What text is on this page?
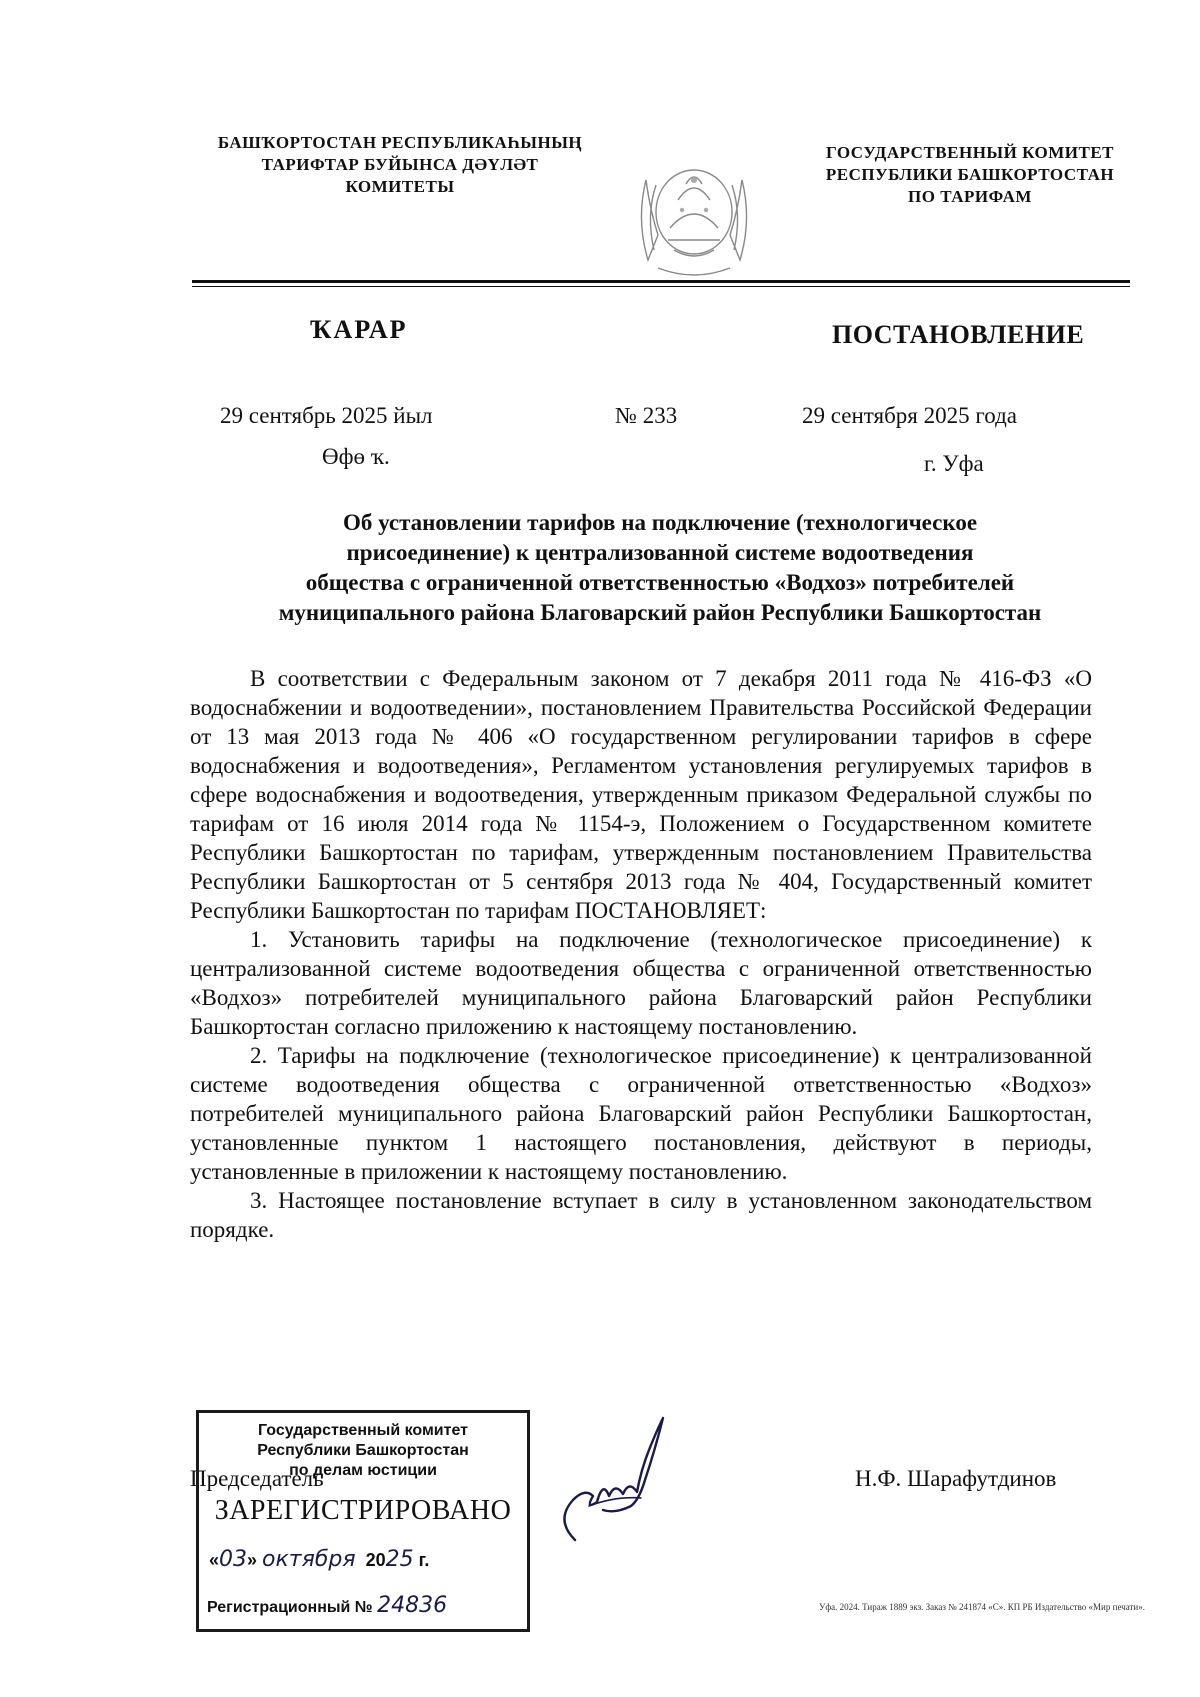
БАШҠОРТОСТАН РЕСПУБЛИКАҺЫНЫҢ
ТАРИФТАР БУЙЫНСА ДӘҮЛӘТ
КОМИТЕТЫ
ГОСУДАРСТВЕННЫЙ КОМИТЕТ
РЕСПУБЛИКИ БАШКОРТОСТАН
ПО ТАРИФАМ
ҠАРАР	ПОСТАНОВЛЕНИЕ
29 сентябрь 2025 йыл	№ 233	29 сентября 2025 года
Өфө ҡ.	г. Уфа
Об установлении тарифов на подключение (технологическое
присоединение) к централизованной системе водоотведения
общества с ограниченной ответственностью «Водхоз» потребителей
муниципального района Благоварский район Республики Башкортостан

В соответствии с Федеральным законом от 7 декабря 2011 года № 416-ФЗ «О водоснабжении и водоотведении», постановлением Правительства Российской Федерации от 13 мая 2013 года № 406 «О государственном регулировании тарифов в сфере водоснабжения и водоотведения», Регламентом установления регулируемых тарифов в сфере водоснабжения и водоотведения, утвержденным приказом Федеральной службы по тарифам от 16 июля 2014 года № 1154-э, Положением о Государственном комитете Республики Башкортостан по тарифам, утвержденным постановлением Правительства Республики Башкортостан от 5 сентября 2013 года № 404, Государственный комитет Республики Башкортостан по тарифам ПОСТАНОВЛЯЕТ:

1. Установить тарифы на подключение (технологическое присоединение) к централизованной системе водоотведения общества с ограниченной ответственностью «Водхоз» потребителей муниципального района Благоварский район Республики Башкортостан согласно приложению к настоящему постановлению.

2. Тарифы на подключение (технологическое присоединение) к централизованной системе водоотведения общества с ограниченной ответственностью «Водхоз» потребителей муниципального района Благоварский район Республики Башкортостан, установленные пунктом 1 настоящего постановления, действуют в периоды, установленные в приложении к настоящему постановлению.

3. Настоящее постановление вступает в силу в установленном законодательством порядке.

Председатель	Н.Ф. Шарафутдинов
Государственный комитет
Республики Башкортостан
по делам юстиции
ЗАРЕГИСТРИРОВАНО
«03» октября 2025 г.
Регистрационный № 24836	Уфа. 2024. Тираж 1889 экз. Заказ № 241874 «С». КП РБ Издательство «Мир печати».
